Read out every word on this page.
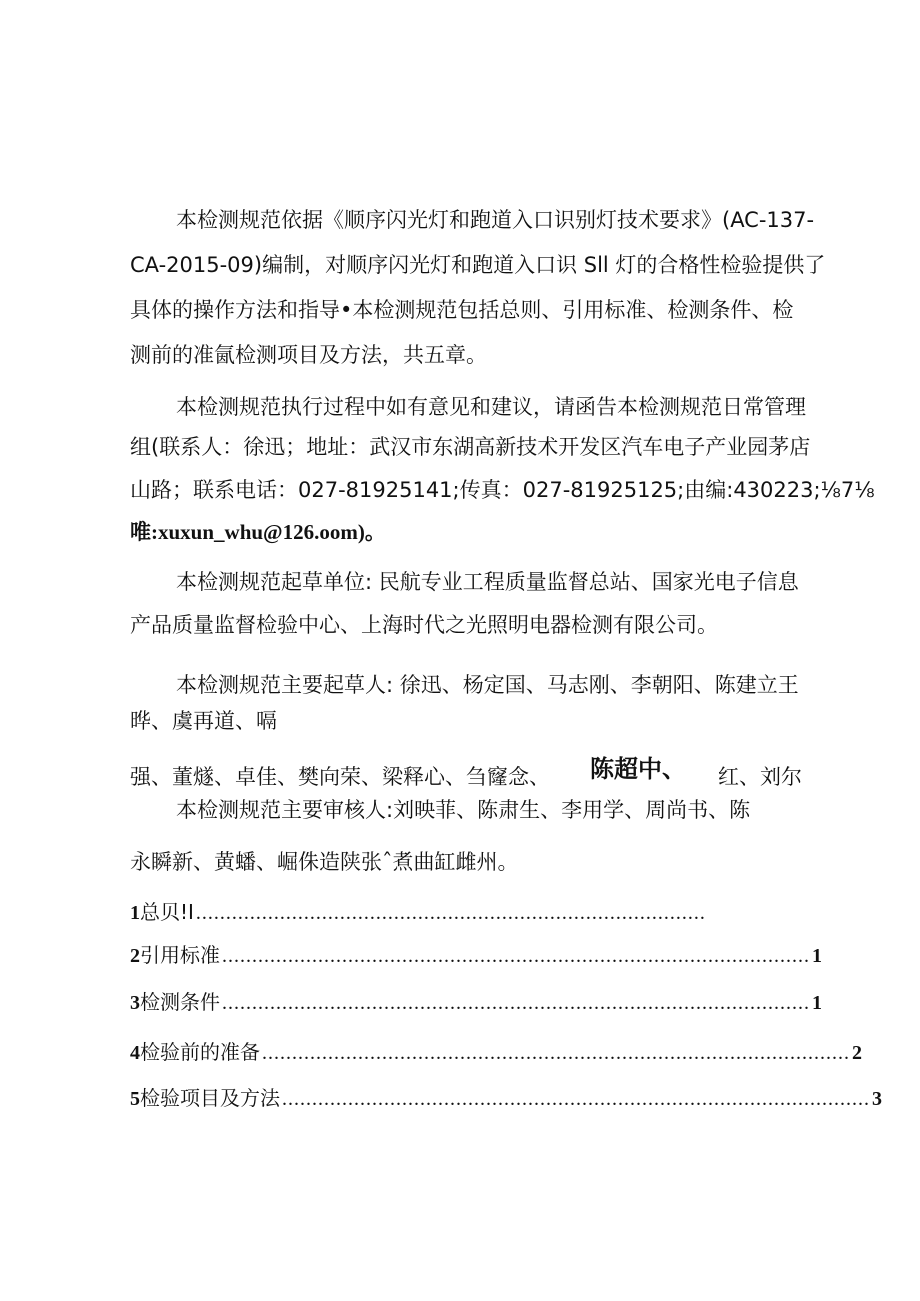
本检测规范依据《顺序闪光灯和跑道入口识别灯技术要求》(AC-137-
CA-2015-09)编制，对顺序闪光灯和跑道入口识 Sll 灯的合格性检验提供了
具体的操作方法和指导•本检测规范包括总则、引用标准、检测条件、检
测前的准氤检测项目及方法，共五章。
本检测规范执行过程中如有意见和建议，请函告本检测规范日常管理
组(联系人：徐迅；地址：武汉市东湖高新技术开发区汽车电子产业园茅店
山路；联系电话：027-81925141;传真：027-81925125;由编:430223;⅛7⅛
唯:xuxun_whu@126.oom)。
本检测规范起草单位: 民航专业工程质量监督总站、国家光电子信息
产品质量监督检验中心、上海时代之光照明电器检测有限公司。
本检测规范主要起草人: 徐迅、杨定国、马志刚、李朝阳、陈建立王
晔、虞再道、嗝
强、董燧、卓佳、樊向荣、梁释心、刍窿念、 陈超中、 红、刘尔
本检测规范主要审核人:刘映菲、陈肃生、李用学、周尚书、陈
永瞬新、黄蟠、崛侏造陕张ˆ煮曲缸雌州。
1 总贝!I .....................................................................................
2 引用标准 .................................................................................................. 1
3 检测条件 .................................................................................................. 1
4 检验前的准备 .................................................................................................. 2
5 检验项目及方法 .................................................................................................. 3
